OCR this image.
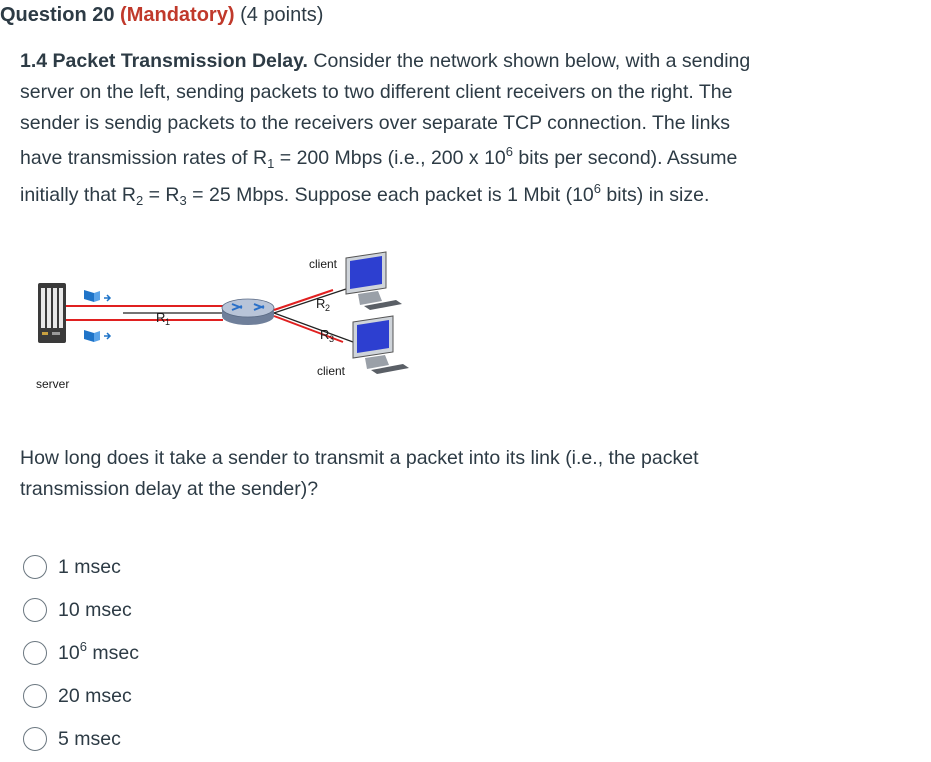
Question 20 (Mandatory) (4 points)

1.4 Packet Transmission Delay. Consider the network shown below, with a sending

server on the left, sending packets to two different client receivers on the right. The

sender is sendig packets to the receivers over separate TCP connection. The links

have transmission rates of $R_1 = 200$ Mbps (i.e., 200 x $10^6$ bits per second). Assume

initially that $R_2 = R_3 = 25$ Mbps. Suppose each packet is 1 Mbit ($10^6$ bits) in size.

R 1
R 2
R 3
client
client
server
How long does it take a sender to transmit a packet into its link (i.e., the packet
transmission delay at the sender)?
1 msec
10 msec
$10^6$ msec
20 msec
5 msec
